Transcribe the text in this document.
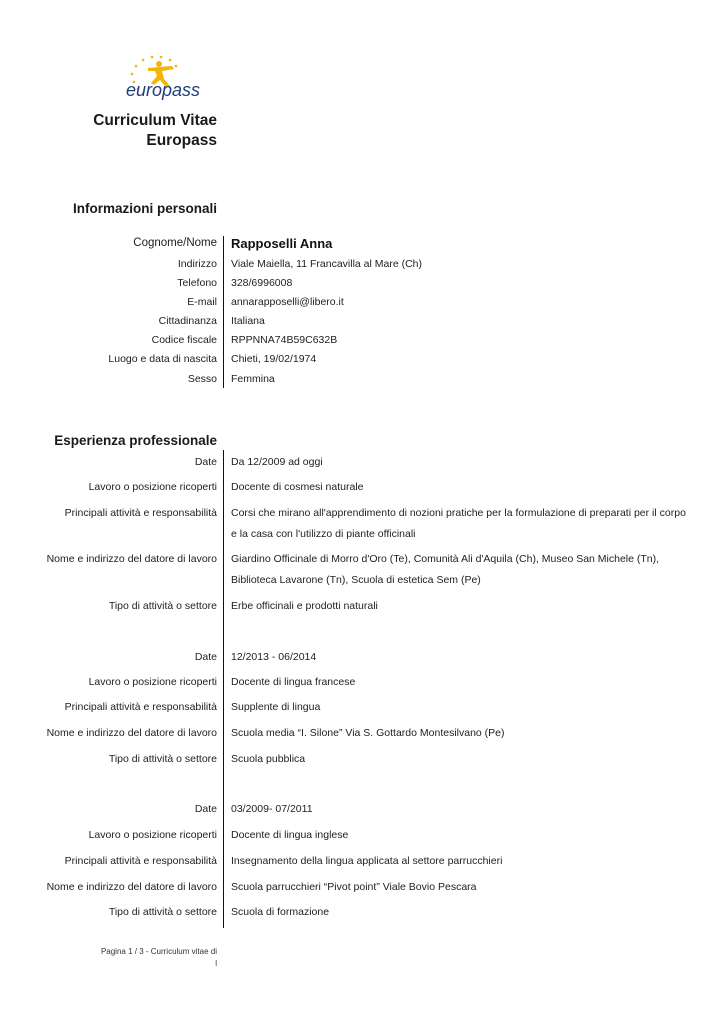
europass
Curriculum Vitae
Europass
Informazioni personali
Cognome/Nome Rapposelli Anna
Indirizzo Viale Maiella, 11 Francavilla al Mare (Ch)
Telefono 328/6996008
E-mail annarapposelli@libero.it
Cittadinanza Italiana
Codice fiscale RPPNNA74B59C632B
Luogo e data di nascita Chieti, 19/02/1974
Sesso Femmina
Esperienza professionale
Date Da 12/2009 ad oggi
Lavoro o posizione ricoperti Docente di cosmesi naturale
Principali attività e responsabilità Corsi che mirano all'apprendimento di nozioni pratiche per la formulazione di preparati per il corpo e la casa con l'utilizzo di piante officinali
Nome e indirizzo del datore di lavoro Giardino Officinale di Morro d'Oro (Te), Comunità Ali d'Aquila (Ch), Museo San Michele (Tn), Biblioteca Lavarone (Tn), Scuola di estetica Sem (Pe)
Tipo di attività o settore Erbe officinali e prodotti naturali
Date 12/2013 - 06/2014
Lavoro o posizione ricoperti Docente di lingua francese
Principali attività e responsabilità Supplente di lingua
Nome e indirizzo del datore di lavoro Scuola media “I. Silone” Via S. Gottardo Montesilvano (Pe)
Tipo di attività o settore Scuola pubblica
Date 03/2009- 07/2011
Lavoro o posizione ricoperti Docente di lingua inglese
Principali attività e responsabilità Insegnamento della lingua applicata al settore parrucchieri
Nome e indirizzo del datore di lavoro Scuola parrucchieri “Pivot point” Viale Bovio Pescara
Tipo di attività o settore Scuola di formazione
Pagina 1 / 3 - Curriculum vitae di
l
